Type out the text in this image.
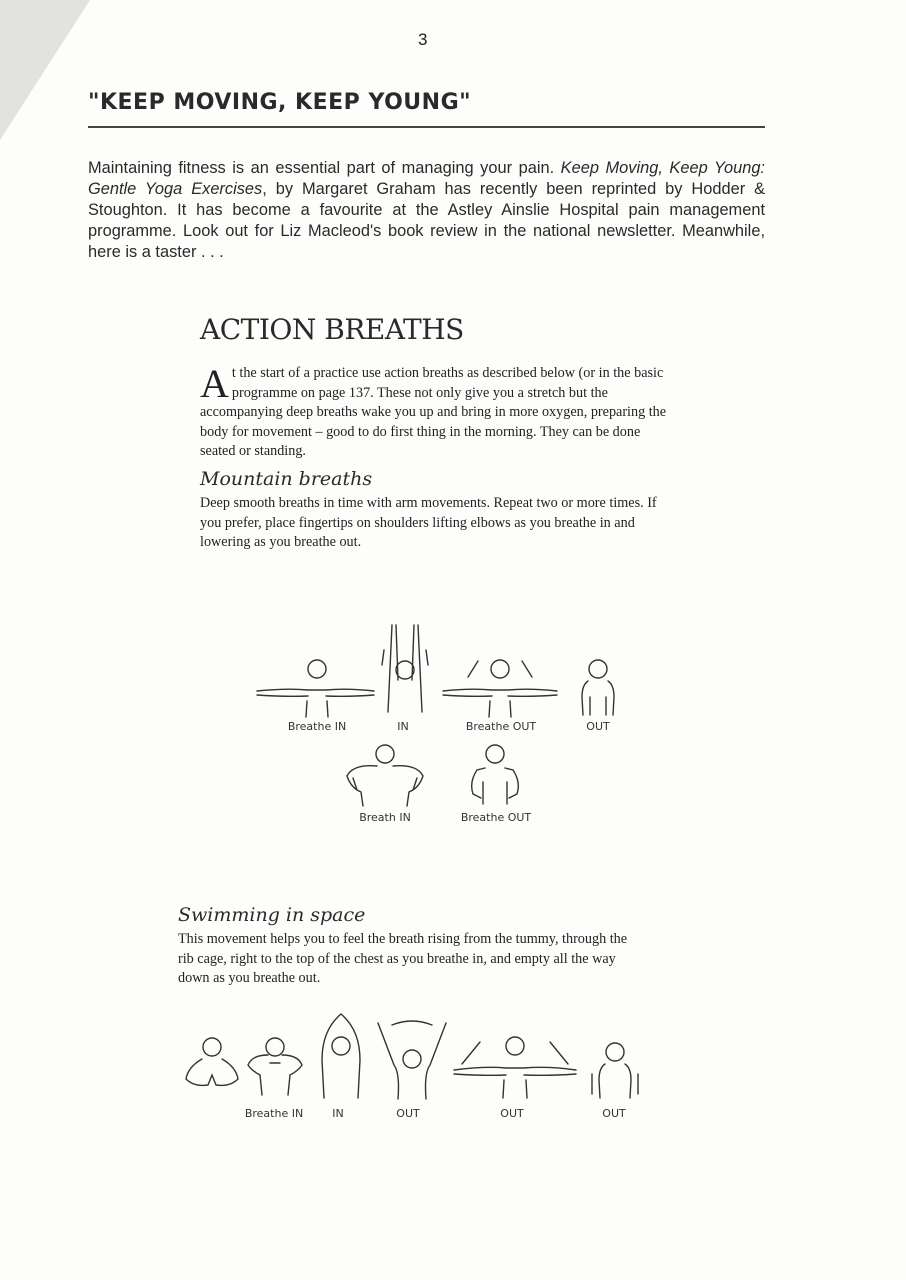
3
"KEEP MOVING, KEEP YOUNG"
Maintaining fitness is an essential part of managing your pain. Keep Moving, Keep Young: Gentle Yoga Exercises, by Margaret Graham has recently been reprinted by Hodder & Stoughton. It has become a favourite at the Astley Ainslie Hospital pain management programme. Look out for Liz Macleod's book review in the national newsletter. Meanwhile, here is a taster . . .
ACTION BREATHS
At the start of a practice use action breaths as described below (or in the basic programme on page 137. These not only give you a stretch but the accompanying deep breaths wake you up and bring in more oxygen, preparing the body for movement – good to do first thing in the morning. They can be done seated or standing.
Mountain breaths
Deep smooth breaths in time with arm movements. Repeat two or more times. If you prefer, place fingertips on shoulders lifting elbows as you breathe in and lowering as you breathe out.
Breathe IN	IN	Breathe OUT	OUT
Breath IN	Breathe OUT
Swimming in space
This movement helps you to feel the breath rising from the tummy, through the rib cage, right to the top of the chest as you breathe in, and empty all the way down as you breathe out.
Breathe IN	IN	OUT	OUT	OUT
